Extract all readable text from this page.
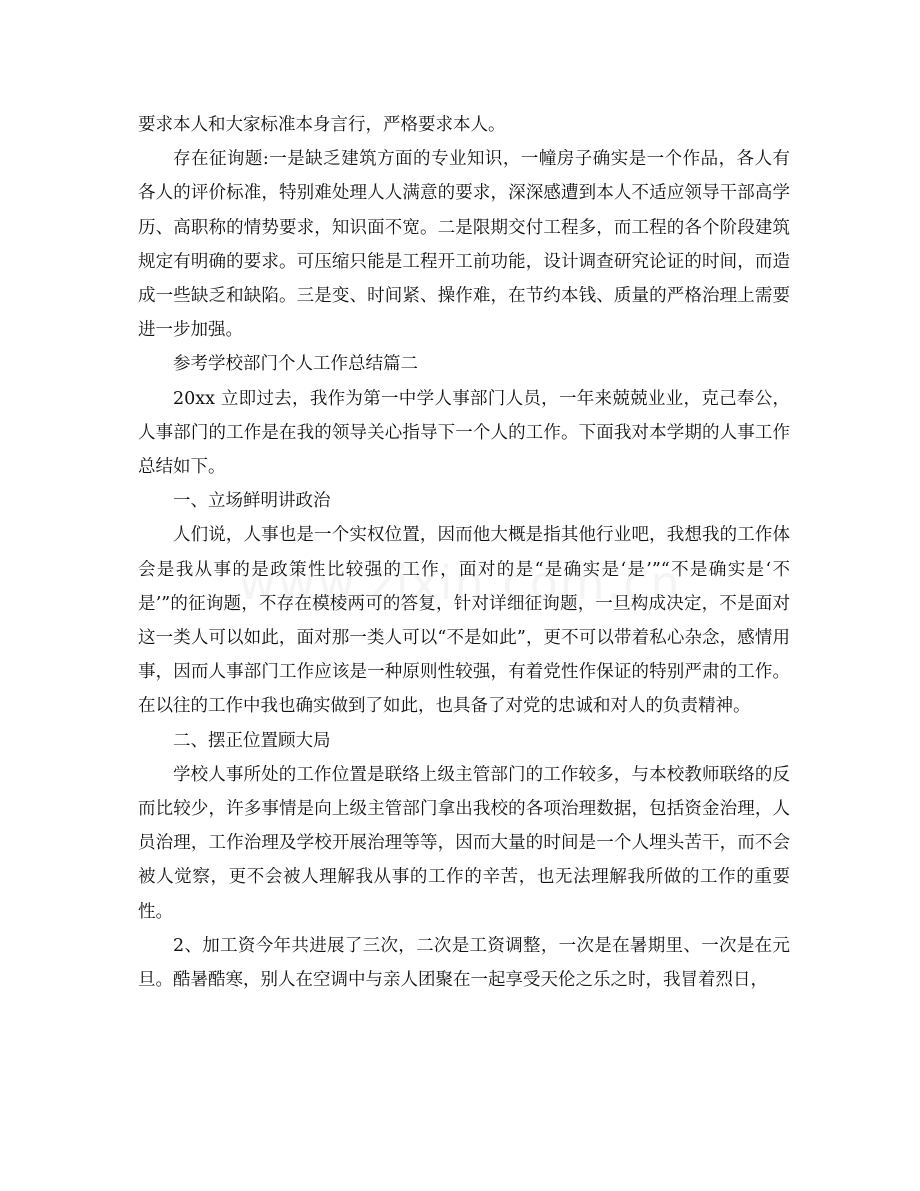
要求本人和大家标准本身言行，严格要求本人。

存在征询题:一是缺乏建筑方面的专业知识，一幢房子确实是一个作品，各人有各人的评价标准，特别难处理人人满意的要求，深深感遭到本人不适应领导干部高学历、高职称的情势要求，知识面不宽。二是限期交付工程多，而工程的各个阶段建筑规定有明确的要求。可压缩只能是工程开工前功能，设计调查研究论证的时间，而造成一些缺乏和缺陷。三是变、时间紧、操作难，在节约本钱、质量的严格治理上需要进一步加强。

参考学校部门个人工作总结篇二

20xx 立即过去，我作为第一中学人事部门人员，一年来兢兢业业，克己奉公，人事部门的工作是在我的领导关心指导下一个人的工作。下面我对本学期的人事工作总结如下。

一、立场鲜明讲政治

人们说，人事也是一个实权位置，因而他大概是指其他行业吧，我想我的工作体会是我从事的是政策性比较强的工作，面对的是“是确实是‘是’”“不是确实是‘不是’”的征询题，不存在模棱两可的答复，针对详细征询题，一旦构成决定，不是面对这一类人可以如此，面对那一类人可以“不是如此”，更不可以带着私心杂念，感情用事，因而人事部门工作应该是一种原则性较强，有着党性作保证的特别严肃的工作。在以往的工作中我也确实做到了如此，也具备了对党的忠诚和对人的负责精神。

二、摆正位置顾大局

学校人事所处的工作位置是联络上级主管部门的工作较多，与本校教师联络的反而比较少，许多事情是向上级主管部门拿出我校的各项治理数据，包括资金治理，人员治理，工作治理及学校开展治理等等，因而大量的时间是一个人埋头苦干，而不会被人觉察，更不会被人理解我从事的工作的辛苦，也无法理解我所做的工作的重要性。

2、加工资今年共进展了三次，二次是工资调整，一次是在暑期里、一次是在元旦。酷暑酷寒，别人在空调中与亲人团聚在一起享受天伦之乐之时，我冒着烈日，
